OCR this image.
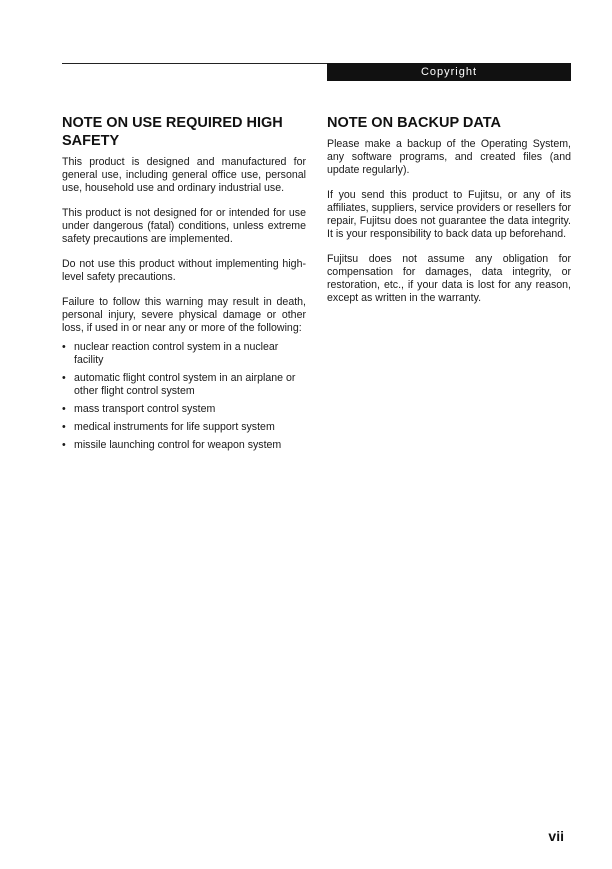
Copyright
NOTE ON USE REQUIRED HIGH SAFETY

This product is designed and manufactured for general use, including general office use, personal use, household use and ordinary industrial use.

This product is not designed for or intended for use under dangerous (fatal) conditions, unless extreme safety precautions are implemented.

Do not use this product without implementing high-level safety precautions.

Failure to follow this warning may result in death, personal injury, severe physical damage or other loss, if used in or near any or more of the following:

• nuclear reaction control system in a nuclear facility
• automatic flight control system in an airplane or other flight control system
• mass transport control system
• medical instruments for life support system
• missile launching control for weapon system
NOTE ON BACKUP DATA

Please make a backup of the Operating System, any software programs, and created files (and update regularly).

If you send this product to Fujitsu, or any of its affiliates, suppliers, service providers or resellers for repair, Fujitsu does not guarantee the data integrity. It is your responsibility to back data up beforehand.

Fujitsu does not assume any obligation for compensation for damages, data integrity, or restoration, etc., if your data is lost for any reason, except as written in the warranty.

vii
